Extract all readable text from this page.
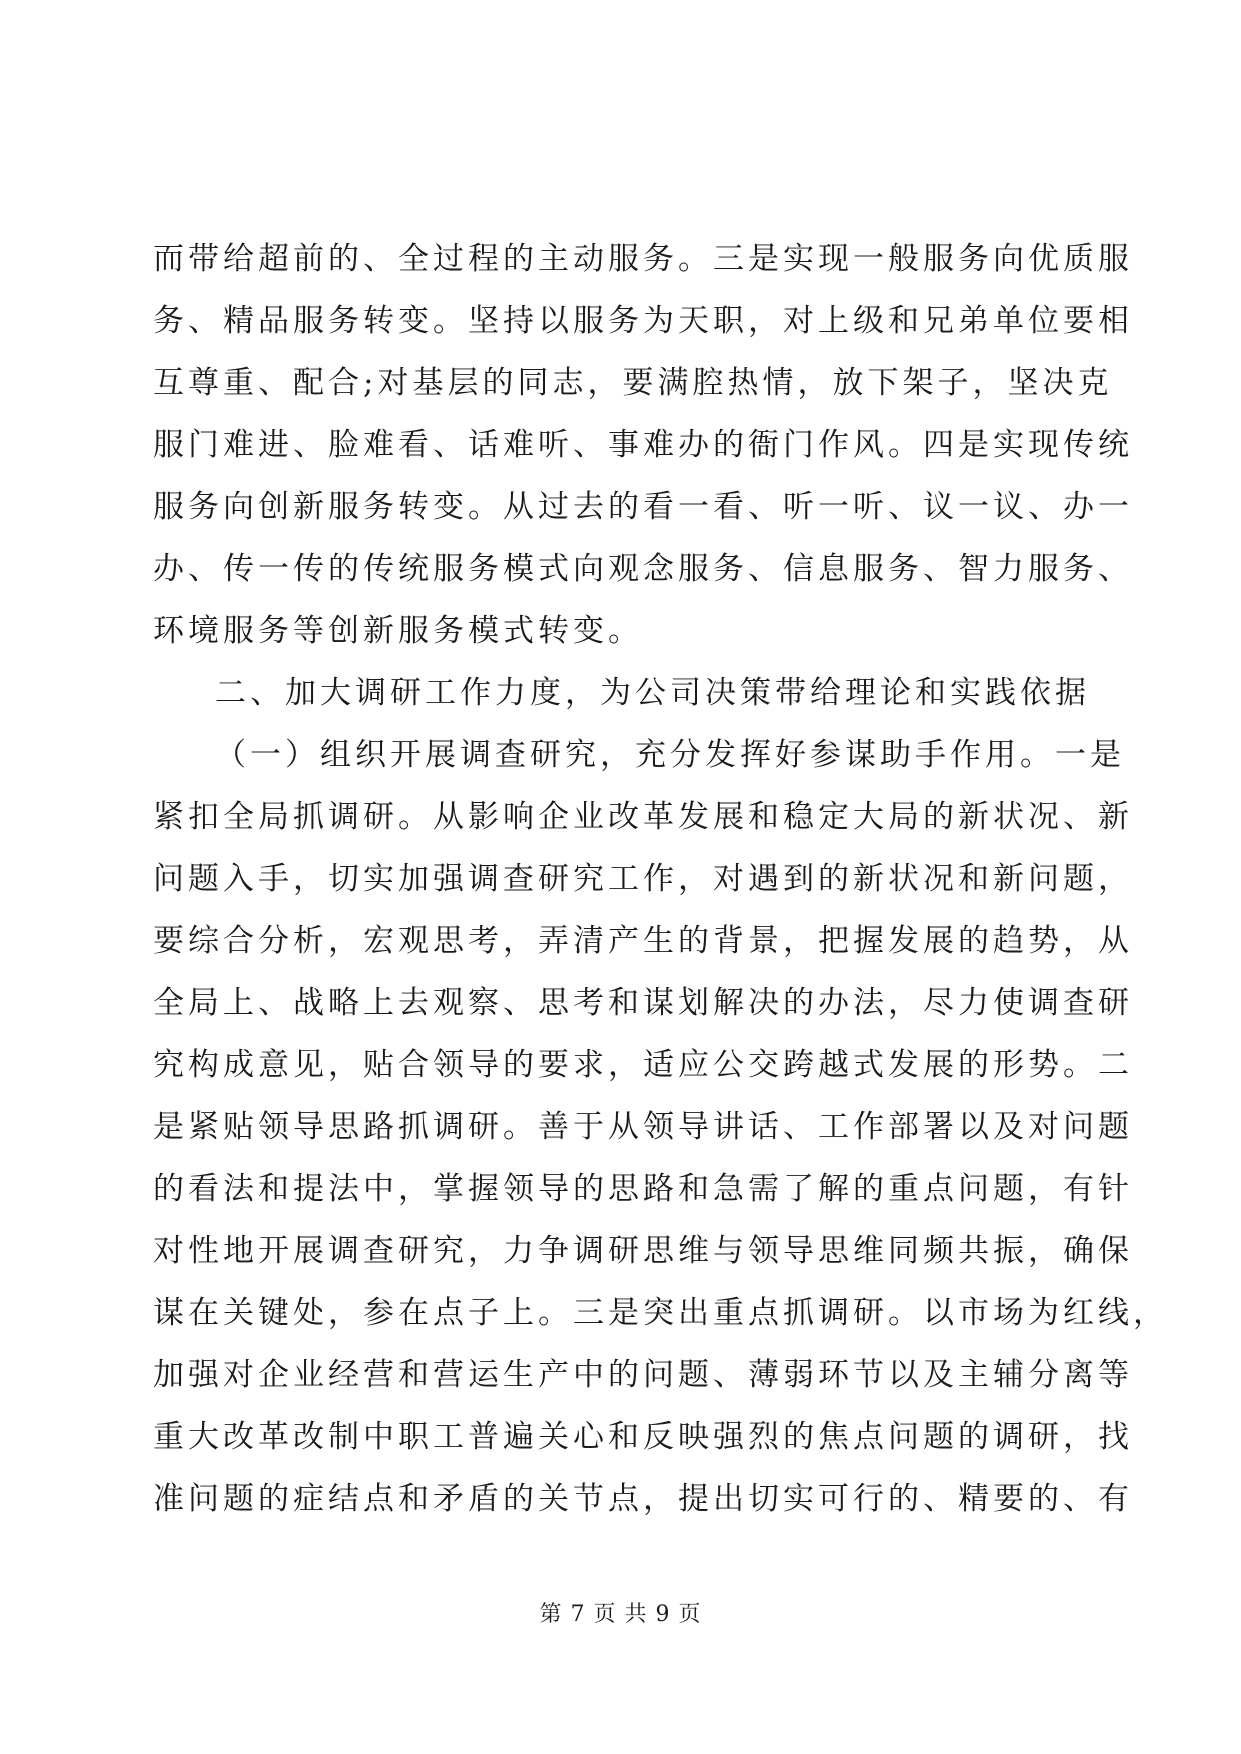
而带给超前的、全过程的主动服务。三是实现一般服务向优质服
务、精品服务转变。坚持以服务为天职，对上级和兄弟单位要相
互尊重、配合;对基层的同志，要满腔热情，放下架子，坚决克
服门难进、脸难看、话难听、事难办的衙门作风。四是实现传统
服务向创新服务转变。从过去的看一看、听一听、议一议、办一
办、传一传的传统服务模式向观念服务、信息服务、智力服务、
环境服务等创新服务模式转变。
二、加大调研工作力度，为公司决策带给理论和实践依据
（一）组织开展调查研究，充分发挥好参谋助手作用。一是
紧扣全局抓调研。从影响企业改革发展和稳定大局的新状况、新
问题入手，切实加强调查研究工作，对遇到的新状况和新问题，
要综合分析，宏观思考，弄清产生的背景，把握发展的趋势，从
全局上、战略上去观察、思考和谋划解决的办法，尽力使调查研
究构成意见，贴合领导的要求，适应公交跨越式发展的形势。二
是紧贴领导思路抓调研。善于从领导讲话、工作部署以及对问题
的看法和提法中，掌握领导的思路和急需了解的重点问题，有针
对性地开展调查研究，力争调研思维与领导思维同频共振，确保
谋在关键处，参在点子上。三是突出重点抓调研。以市场为红线，
加强对企业经营和营运生产中的问题、薄弱环节以及主辅分离等
重大改革改制中职工普遍关心和反映强烈的焦点问题的调研，找
准问题的症结点和矛盾的关节点，提出切实可行的、精要的、有
第 7 页 共 9 页
